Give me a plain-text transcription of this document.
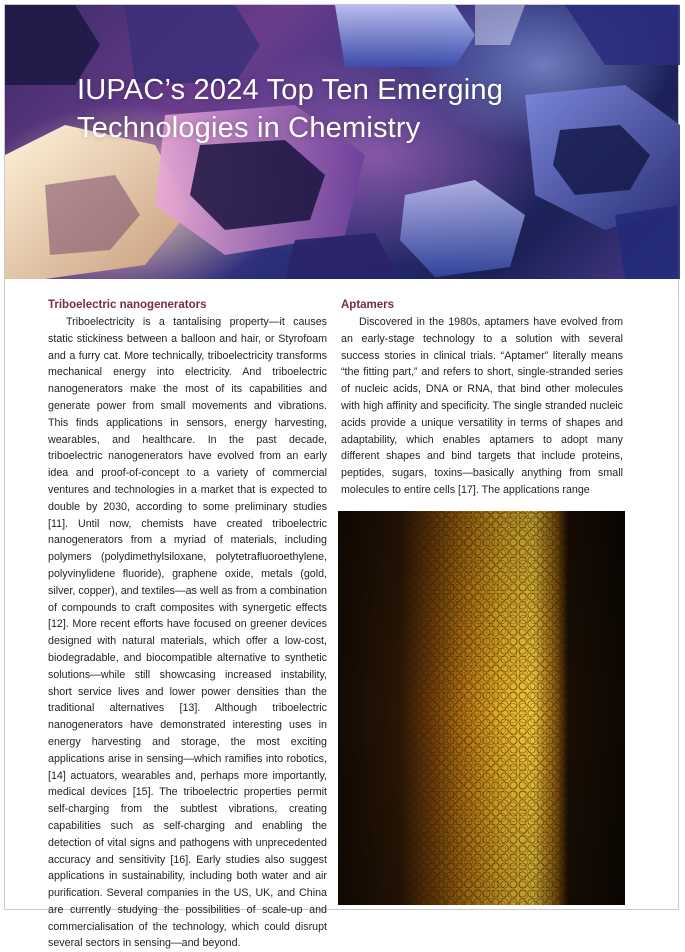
IUPAC’s 2024 Top Ten Emerging
Technologies in Chemistry
Triboelectric nanogenerators

Triboelectricity is a tantalising property—it causes static stickiness between a balloon and hair, or Styrofoam and a furry cat. More technically, triboelectricity transforms mechanical energy into electricity. And triboelectric nanogenerators make the most of its capabilities and generate power from small movements and vibrations. This finds applications in sensors, energy harvesting, wearables, and healthcare. In the past decade, triboelectric nanogenerators have evolved from an early idea and proof-of-concept to a variety of commercial ventures and technologies in a market that is expected to double by 2030, according to some preliminary studies [11]. Until now, chemists have created triboelectric nanogenerators from a myriad of materials, including polymers (polydimethylsiloxane, polytetrafluoroethylene, polyvinylidene fluoride), graphene oxide, metals (gold, silver, copper), and textiles—as well as from a combination of compounds to craft composites with synergetic effects [12]. More recent efforts have focused on greener devices designed with natural materials, which offer a low-cost, biodegradable, and biocompatible alternative to synthetic solutions—while still showcasing increased instability, short service lives and lower power densities than the traditional alternatives [13]. Although triboelectric nanogenerators have demonstrated interesting uses in energy harvesting and storage, the most exciting applications arise in sensing—which ramifies into robotics, [14] actuators, wearables and, perhaps more importantly, medical devices [15]. The triboelectric properties permit self-charging from the subtlest vibrations, creating capabilities such as self-charging and enabling the detection of vital signs and pathogens with unprecedented accuracy and sensitivity [16]. Early studies also suggest applications in sustainability, including both water and air purification. Several companies in the US, UK, and China are currently studying the possibilities of scale-up and commercialisation of the technology, which could disrupt several sectors in sensing—and beyond.

Aptamers

Discovered in the 1980s, aptamers have evolved from an early-stage technology to a solution with several success stories in clinical trials. “Aptamer” literally means “the fitting part,” and refers to short, single-stranded series of nucleic acids, DNA or RNA, that bind other molecules with high affinity and specificity. The single stranded nucleic acids provide a unique versatility in terms of shapes and adaptability, which enables aptamers to adopt many different shapes and bind targets that include proteins, peptides, sugars, toxins—basically anything from small molecules to entire cells [17]. The applications range
